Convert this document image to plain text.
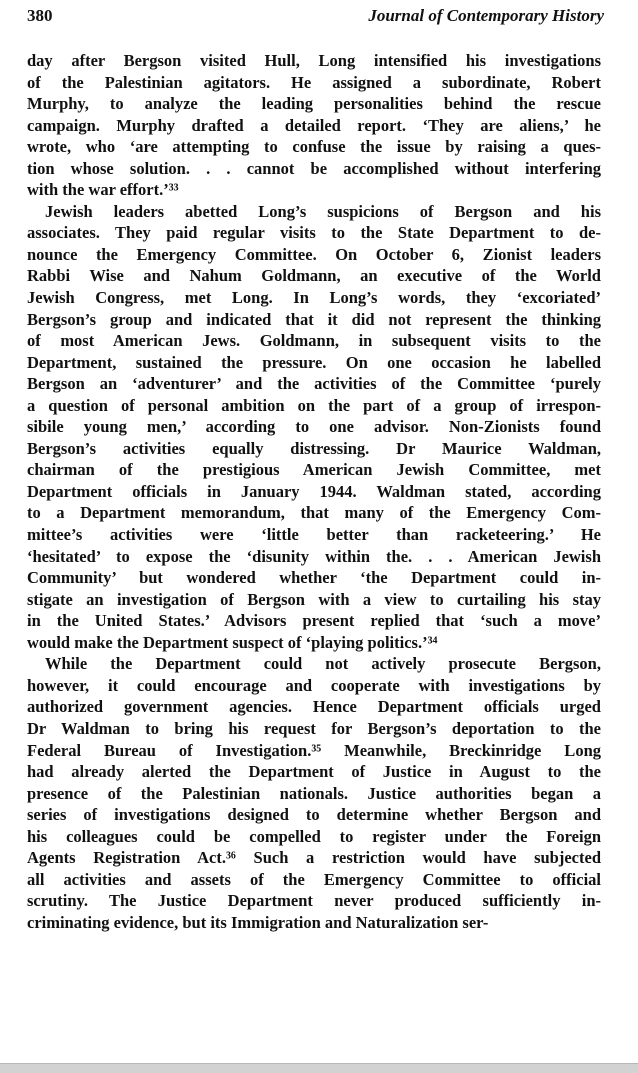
380	Journal of Contemporary History
day after Bergson visited Hull, Long intensified his investigations
of the Palestinian agitators. He assigned a subordinate, Robert
Murphy, to analyze the leading personalities behind the rescue
campaign. Murphy drafted a detailed report. ‘They are aliens,’ he
wrote, who ‘are attempting to confuse the issue by raising a ques-
tion whose solution. . . cannot be accomplished without interfering
with the war effort.’³³
Jewish leaders abetted Long’s suspicions of Bergson and his
associates. They paid regular visits to the State Department to de-
nounce the Emergency Committee. On October 6, Zionist leaders
Rabbi Wise and Nahum Goldmann, an executive of the World
Jewish Congress, met Long. In Long’s words, they ‘excoriated’
Bergson’s group and indicated that it did not represent the thinking
of most American Jews. Goldmann, in subsequent visits to the
Department, sustained the pressure. On one occasion he labelled
Bergson an ‘adventurer’ and the activities of the Committee ‘purely
a question of personal ambition on the part of a group of irrespon-
sibile young men,’ according to one advisor. Non-Zionists found
Bergson’s activities equally distressing. Dr Maurice Waldman,
chairman of the prestigious American Jewish Committee, met
Department officials in January 1944. Waldman stated, according
to a Department memorandum, that many of the Emergency Com-
mittee’s activities were ‘little better than racketeering.’ He
‘hesitated’ to expose the ‘disunity within the. . . American Jewish
Community’ but wondered whether ‘the Department could in-
stigate an investigation of Bergson with a view to curtailing his stay
in the United States.’ Advisors present replied that ‘such a move’
would make the Department suspect of ‘playing politics.’³⁴
While the Department could not actively prosecute Bergson,
however, it could encourage and cooperate with investigations by
authorized government agencies. Hence Department officials urged
Dr Waldman to bring his request for Bergson’s deportation to the
Federal Bureau of Investigation.³⁵ Meanwhile, Breckinridge Long
had already alerted the Department of Justice in August to the
presence of the Palestinian nationals. Justice authorities began a
series of investigations designed to determine whether Bergson and
his colleagues could be compelled to register under the Foreign
Agents Registration Act.³⁶ Such a restriction would have subjected
all activities and assets of the Emergency Committee to official
scrutiny. The Justice Department never produced sufficiently in-
criminating evidence, but its Immigration and Naturalization ser-
